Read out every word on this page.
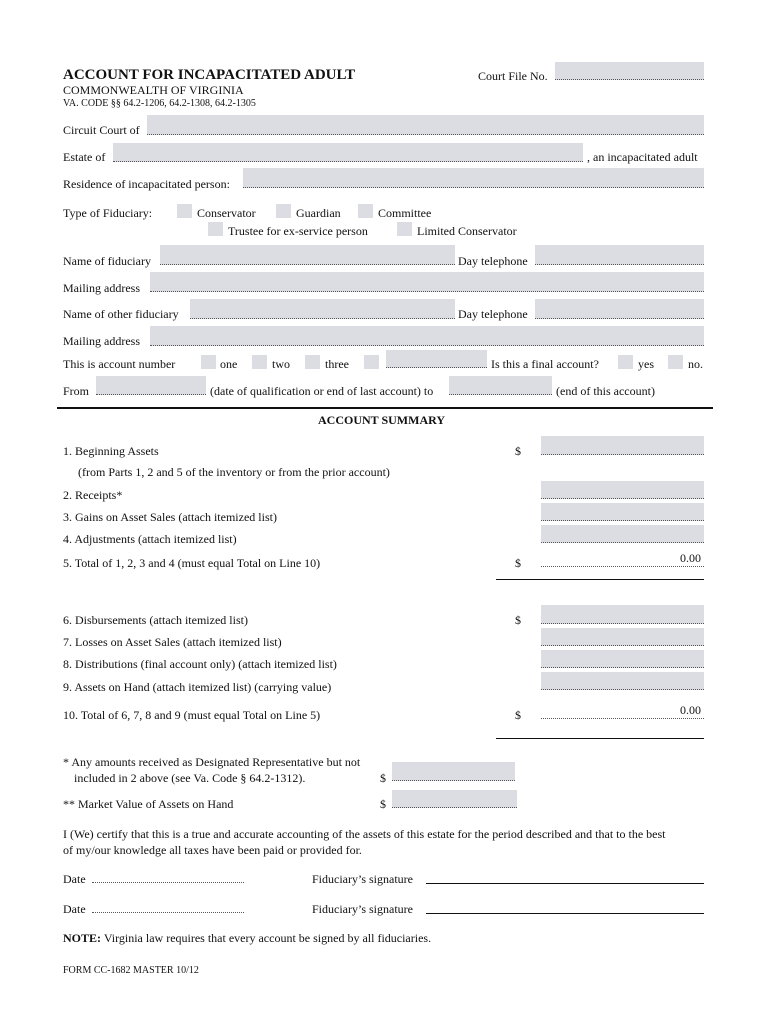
ACCOUNT FOR INCAPACITATED ADULT
COMMONWEALTH OF VIRGINIA
VA. CODE §§ 64.2-1206, 64.2-1308, 64.2-1305
Court File No.
Circuit Court of
Estate of	, an incapacitated adult
Residence of incapacitated person:
Type of Fiduciary:	Conservator	Guardian	Committee
Trustee for ex-service person	Limited Conservator
Name of fiduciary	Day telephone
Mailing address
Name of other fiduciary	Day telephone
Mailing address
This is account number	one	two	three	Is this a final account?	yes	no.
From	(date of qualification or end of last account) to	(end of this account)
ACCOUNT SUMMARY
1. Beginning Assets	$
(from Parts 1, 2 and 5 of the inventory or from the prior account)
2. Receipts*
3. Gains on Asset Sales (attach itemized list)
4. Adjustments (attach itemized list)
5. Total of 1, 2, 3 and 4 (must equal Total on Line 10)	$	0.00
6. Disbursements (attach itemized list)	$
7. Losses on Asset Sales (attach itemized list)
8. Distributions (final account only) (attach itemized list)
9. Assets on Hand (attach itemized list) (carrying value)
10. Total of 6, 7, 8 and 9 (must equal Total on Line 5)	$	0.00
* Any amounts received as Designated Representative but not
included in 2 above (see Va. Code § 64.2-1312).	$
** Market Value of Assets on Hand	$
I (We) certify that this is a true and accurate accounting of the assets of this estate for the period described and that to the best
of my/our knowledge all taxes have been paid or provided for.
Date	Fiduciary’s signature
Date	Fiduciary’s signature
NOTE: Virginia law requires that every account be signed by all fiduciaries.
FORM CC-1682 MASTER 10/12
